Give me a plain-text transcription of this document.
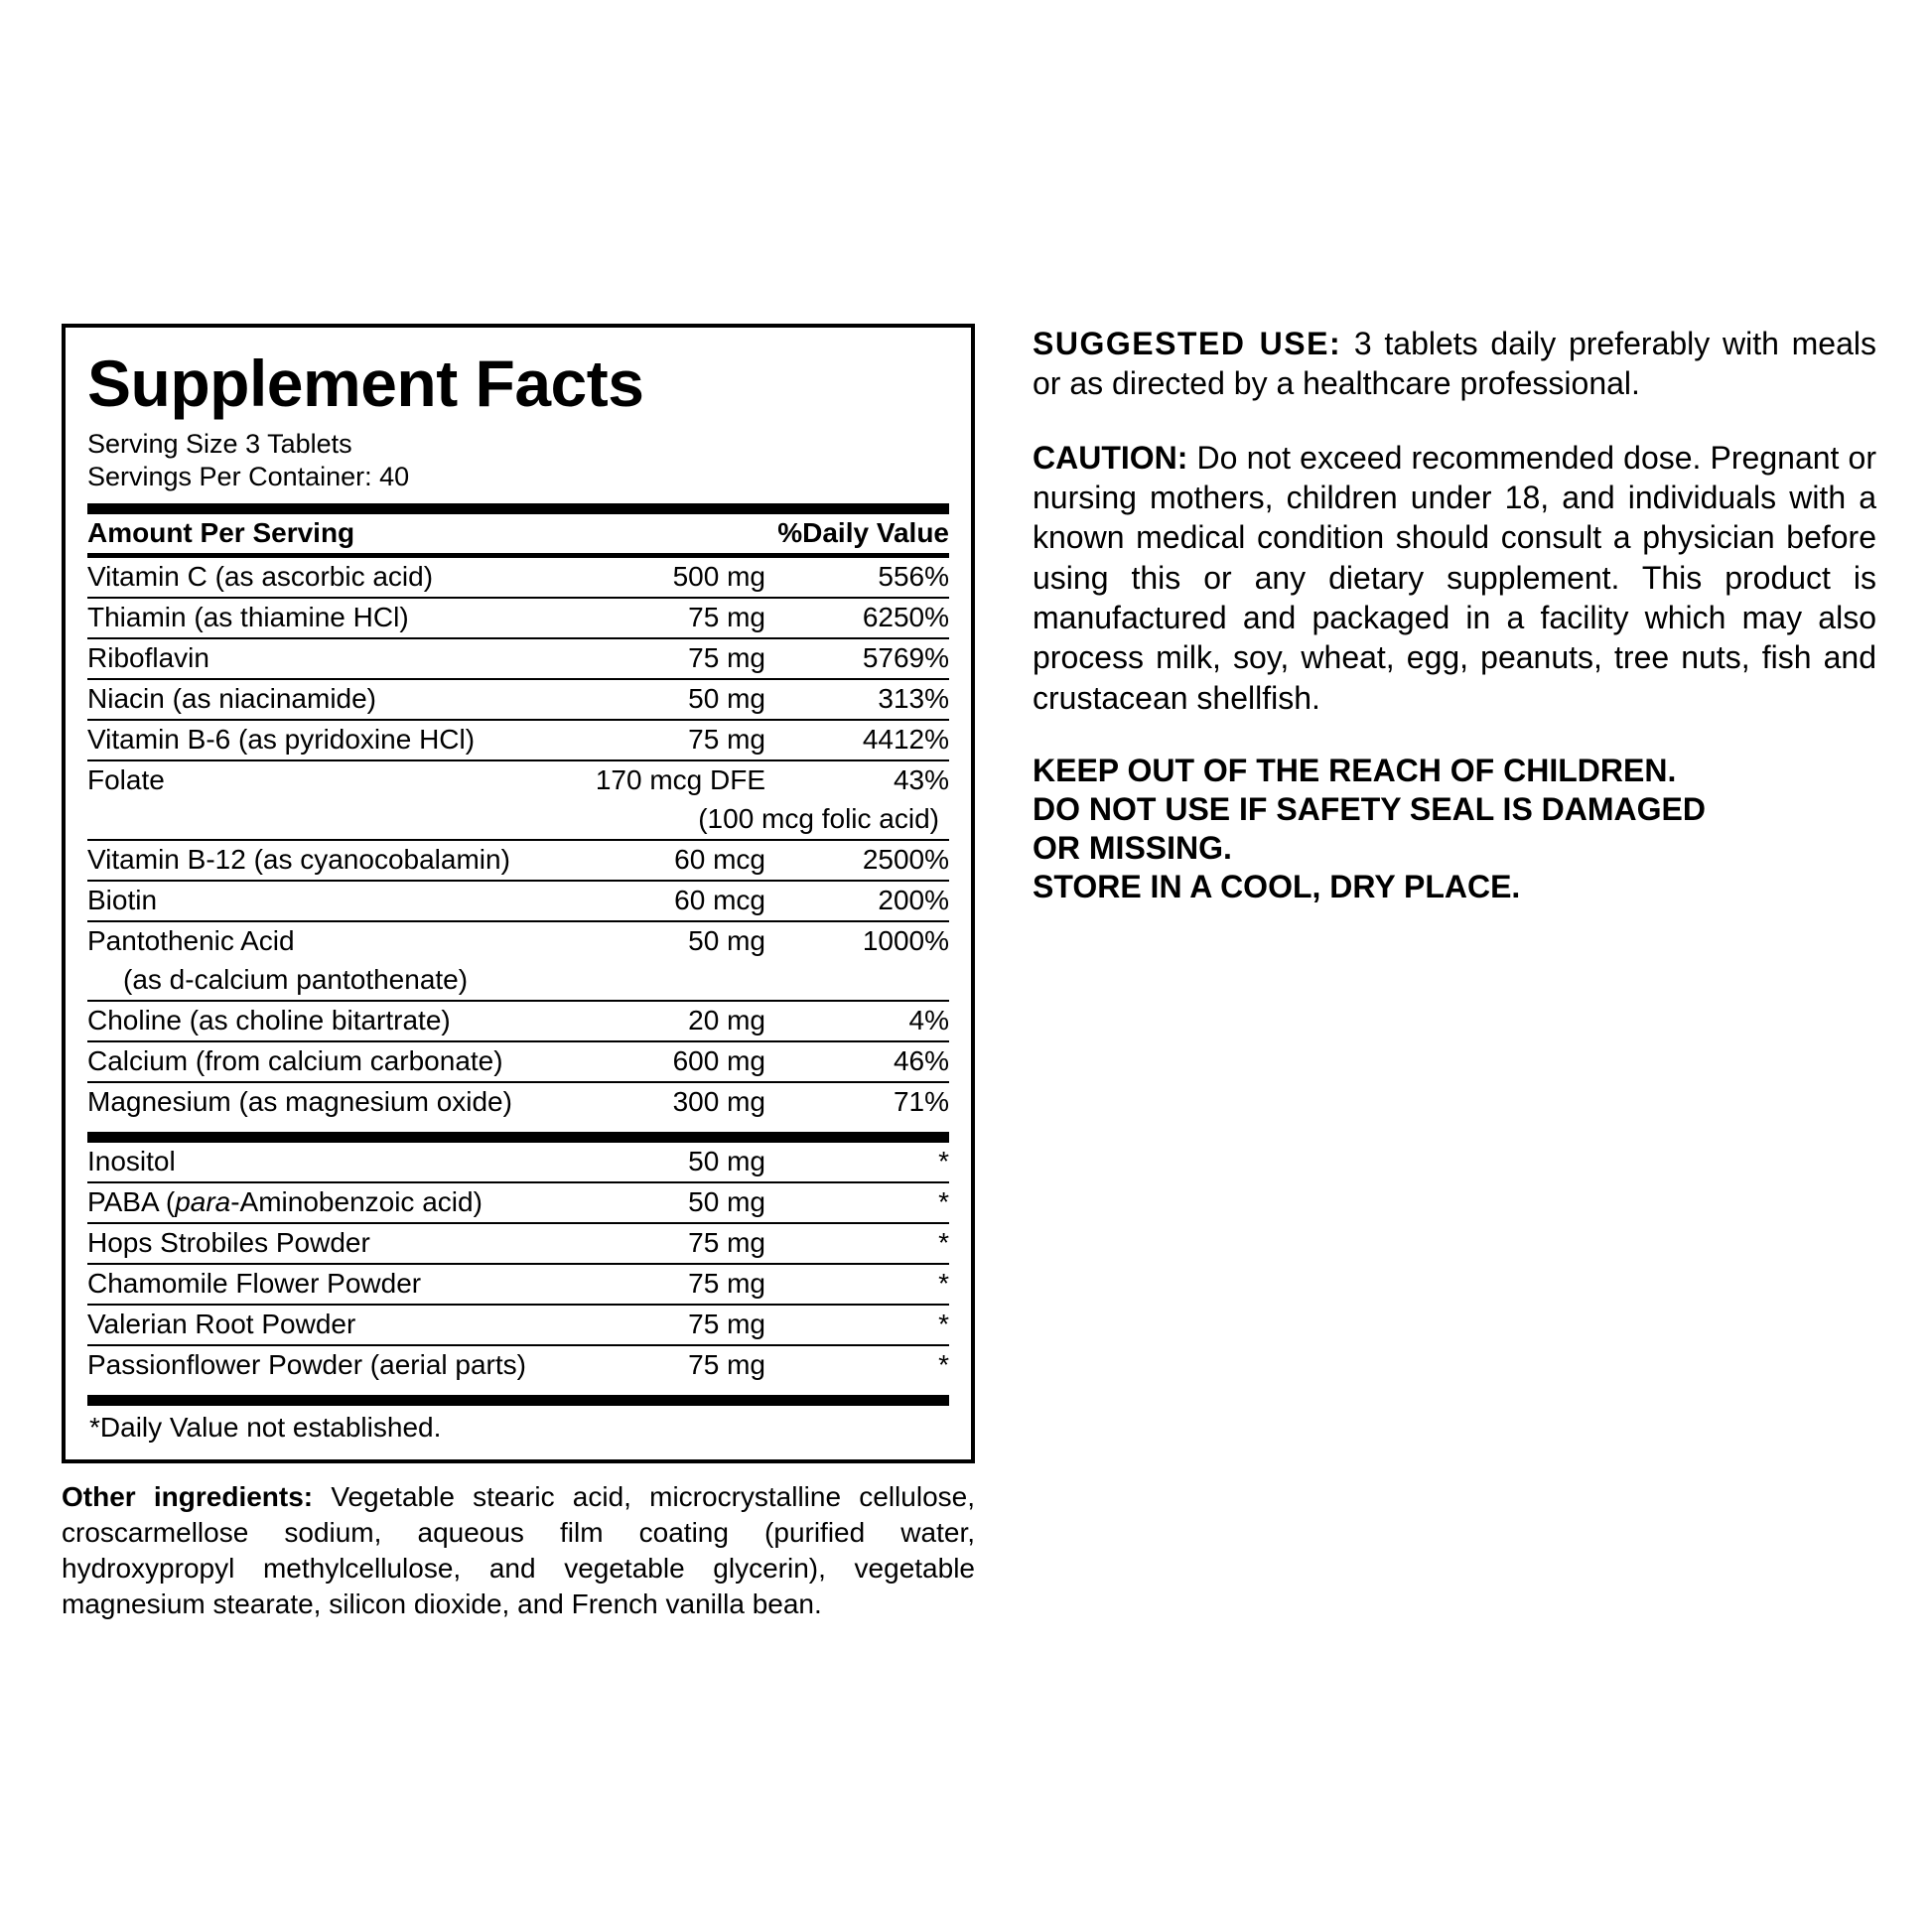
Supplement Facts
Serving Size 3 Tablets
Servings Per Container: 40
Amount Per Serving		%Daily Value
Vitamin C (as ascorbic acid)	500 mg	556%
Thiamin (as thiamine HCl)	75 mg	6250%
Riboflavin	75 mg	5769%
Niacin (as niacinamide)	50 mg	313%
Vitamin B-6 (as pyridoxine HCl)	75 mg	4412%
Folate	170 mcg DFE	43%
	(100 mcg folic acid)	
Vitamin B-12 (as cyanocobalamin)	60 mcg	2500%
Biotin	60 mcg	200%
Pantothenic Acid	50 mg	1000%
(as d-calcium pantothenate)		
Choline (as choline bitartrate)	20 mg	4%
Calcium (from calcium carbonate)	600 mg	46%
Magnesium (as magnesium oxide)	300 mg	71%
Inositol	50 mg	*
PABA (para-Aminobenzoic acid)	50 mg	*
Hops Strobiles Powder	75 mg	*
Chamomile Flower Powder	75 mg	*
Valerian Root Powder	75 mg	*
Passionflower Powder (aerial parts)	75 mg	*
*Daily Value not established.
Other ingredients: Vegetable stearic acid, microcrystalline cellulose, croscarmellose sodium, aqueous film coating (purified water, hydroxypropyl methylcellulose, and vegetable glycerin), vegetable magnesium stearate, silicon dioxide, and French vanilla bean.

SUGGESTED USE: 3 tablets daily preferably with meals or as directed by a healthcare professional.

CAUTION: Do not exceed recommended dose. Pregnant or nursing mothers, children under 18, and individuals with a known medical condition should consult a physician before using this or any dietary supplement. This product is manufactured and packaged in a facility which may also process milk, soy, wheat, egg, peanuts, tree nuts, fish and crustacean shellfish.

KEEP OUT OF THE REACH OF CHILDREN.
DO NOT USE IF SAFETY SEAL IS DAMAGED
OR MISSING.
STORE IN A COOL, DRY PLACE.
